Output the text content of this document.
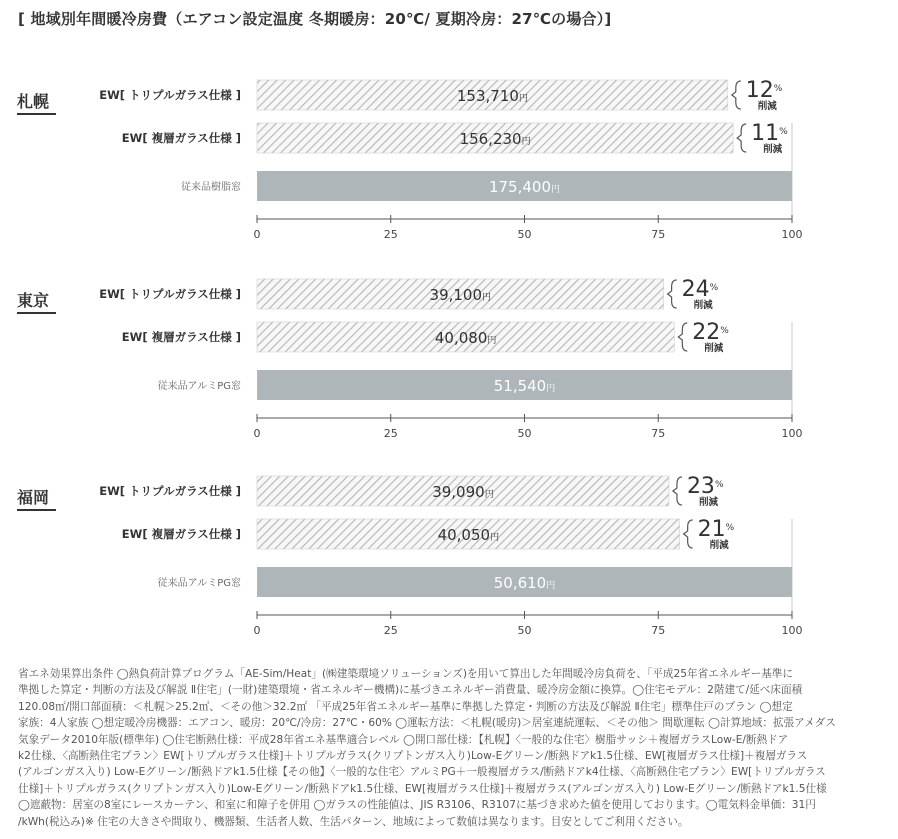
[ 地域別年間暖冷房費（エアコン設定温度 冬期暖房：20℃/ 夏期冷房：27℃の場合）]
札幌	EW[ トリプルガラス仕様 ]	153,710円	12%
削減
EW[ 複層ガラス仕様 ]	156,230円	11%
削減
従来品樹脂窓	175,400円
0	25	50	75	100
東京	EW[ トリプルガラス仕様 ]	39,100円	24%
削減
EW[ 複層ガラス仕様 ]	40,080円	22%
削減
従来品アルミPG窓	51,540円
0	25	50	75	100
福岡	EW[ トリプルガラス仕様 ]	39,090円	23%
削減
EW[ 複層ガラス仕様 ]	40,050円	21%
削減
従来品アルミPG窓	50,610円
0	25	50	75	100
省エネ効果算出条件 ◯熱負荷計算プログラム「AE-Sim/Heat」(㈱建築環境ソリューションズ)を用いて算出した年間暖冷房負荷を、「平成25年省エネルギー基準に
準拠した算定・判断の方法及び解説 Ⅱ住宅」(一財)建築環境・省エネルギー機構)に基づきエネルギー消費量、暖冷房金額に換算。◯住宅モデル：2階建て/延べ床面積
120.08㎡/開口部面積：＜札幌＞25.2㎡、＜その他＞32.2㎡ 「平成25年省エネルギー基準に準拠した算定・判断の方法及び解説 Ⅱ住宅」標準住戸のプラン ◯想定
家族：4人家族 ◯想定暖冷房機器：エアコン、暖房：20℃/冷房：27℃・60% ◯運転方法：＜札幌(暖房)＞居室連続運転、＜その他＞ 間歇運転 ◯計算地域：拡張アメダス
気象データ2010年版(標準年) ◯住宅断熱仕様：平成28年省エネ基準適合レベル ◯開口部仕様：【札幌】〈一般的な住宅〉樹脂サッシ＋複層ガラスLow-E/断熱ドア
k2仕様、〈高断熱住宅プラン〉EW[トリプルガラス仕様]＋トリプルガラス(クリプトンガス入り)Low-Eグリーン/断熱ドアk1.5仕様、EW[複層ガラス仕様]＋複層ガラス
(アルゴンガス入り) Low-Eグリーン/断熱ドアk1.5仕様【その他】〈一般的な住宅〉アルミPG＋一般複層ガラス/断熱ドアk4仕様、〈高断熱住宅プラン〉EW[トリプルガラス
仕様]＋トリプルガラス(クリプトンガス入り)Low-Eグリーン/断熱ドアk1.5仕様、EW[複層ガラス仕様]＋複層ガラス(アルゴンガス入り) Low-Eグリーン/断熱ドアk1.5仕様
◯遮蔽物：居室の8室にレースカーテン、和室に和障子を併用 ◯ガラスの性能値は、JIS R3106、R3107に基づき求めた値を使用しております。◯電気料金単価：31円
/kWh(税込み)※ 住宅の大きさや間取り、機器類、生活者人数、生活パターン、地域によって数値は異なります。目安としてご利用ください。
